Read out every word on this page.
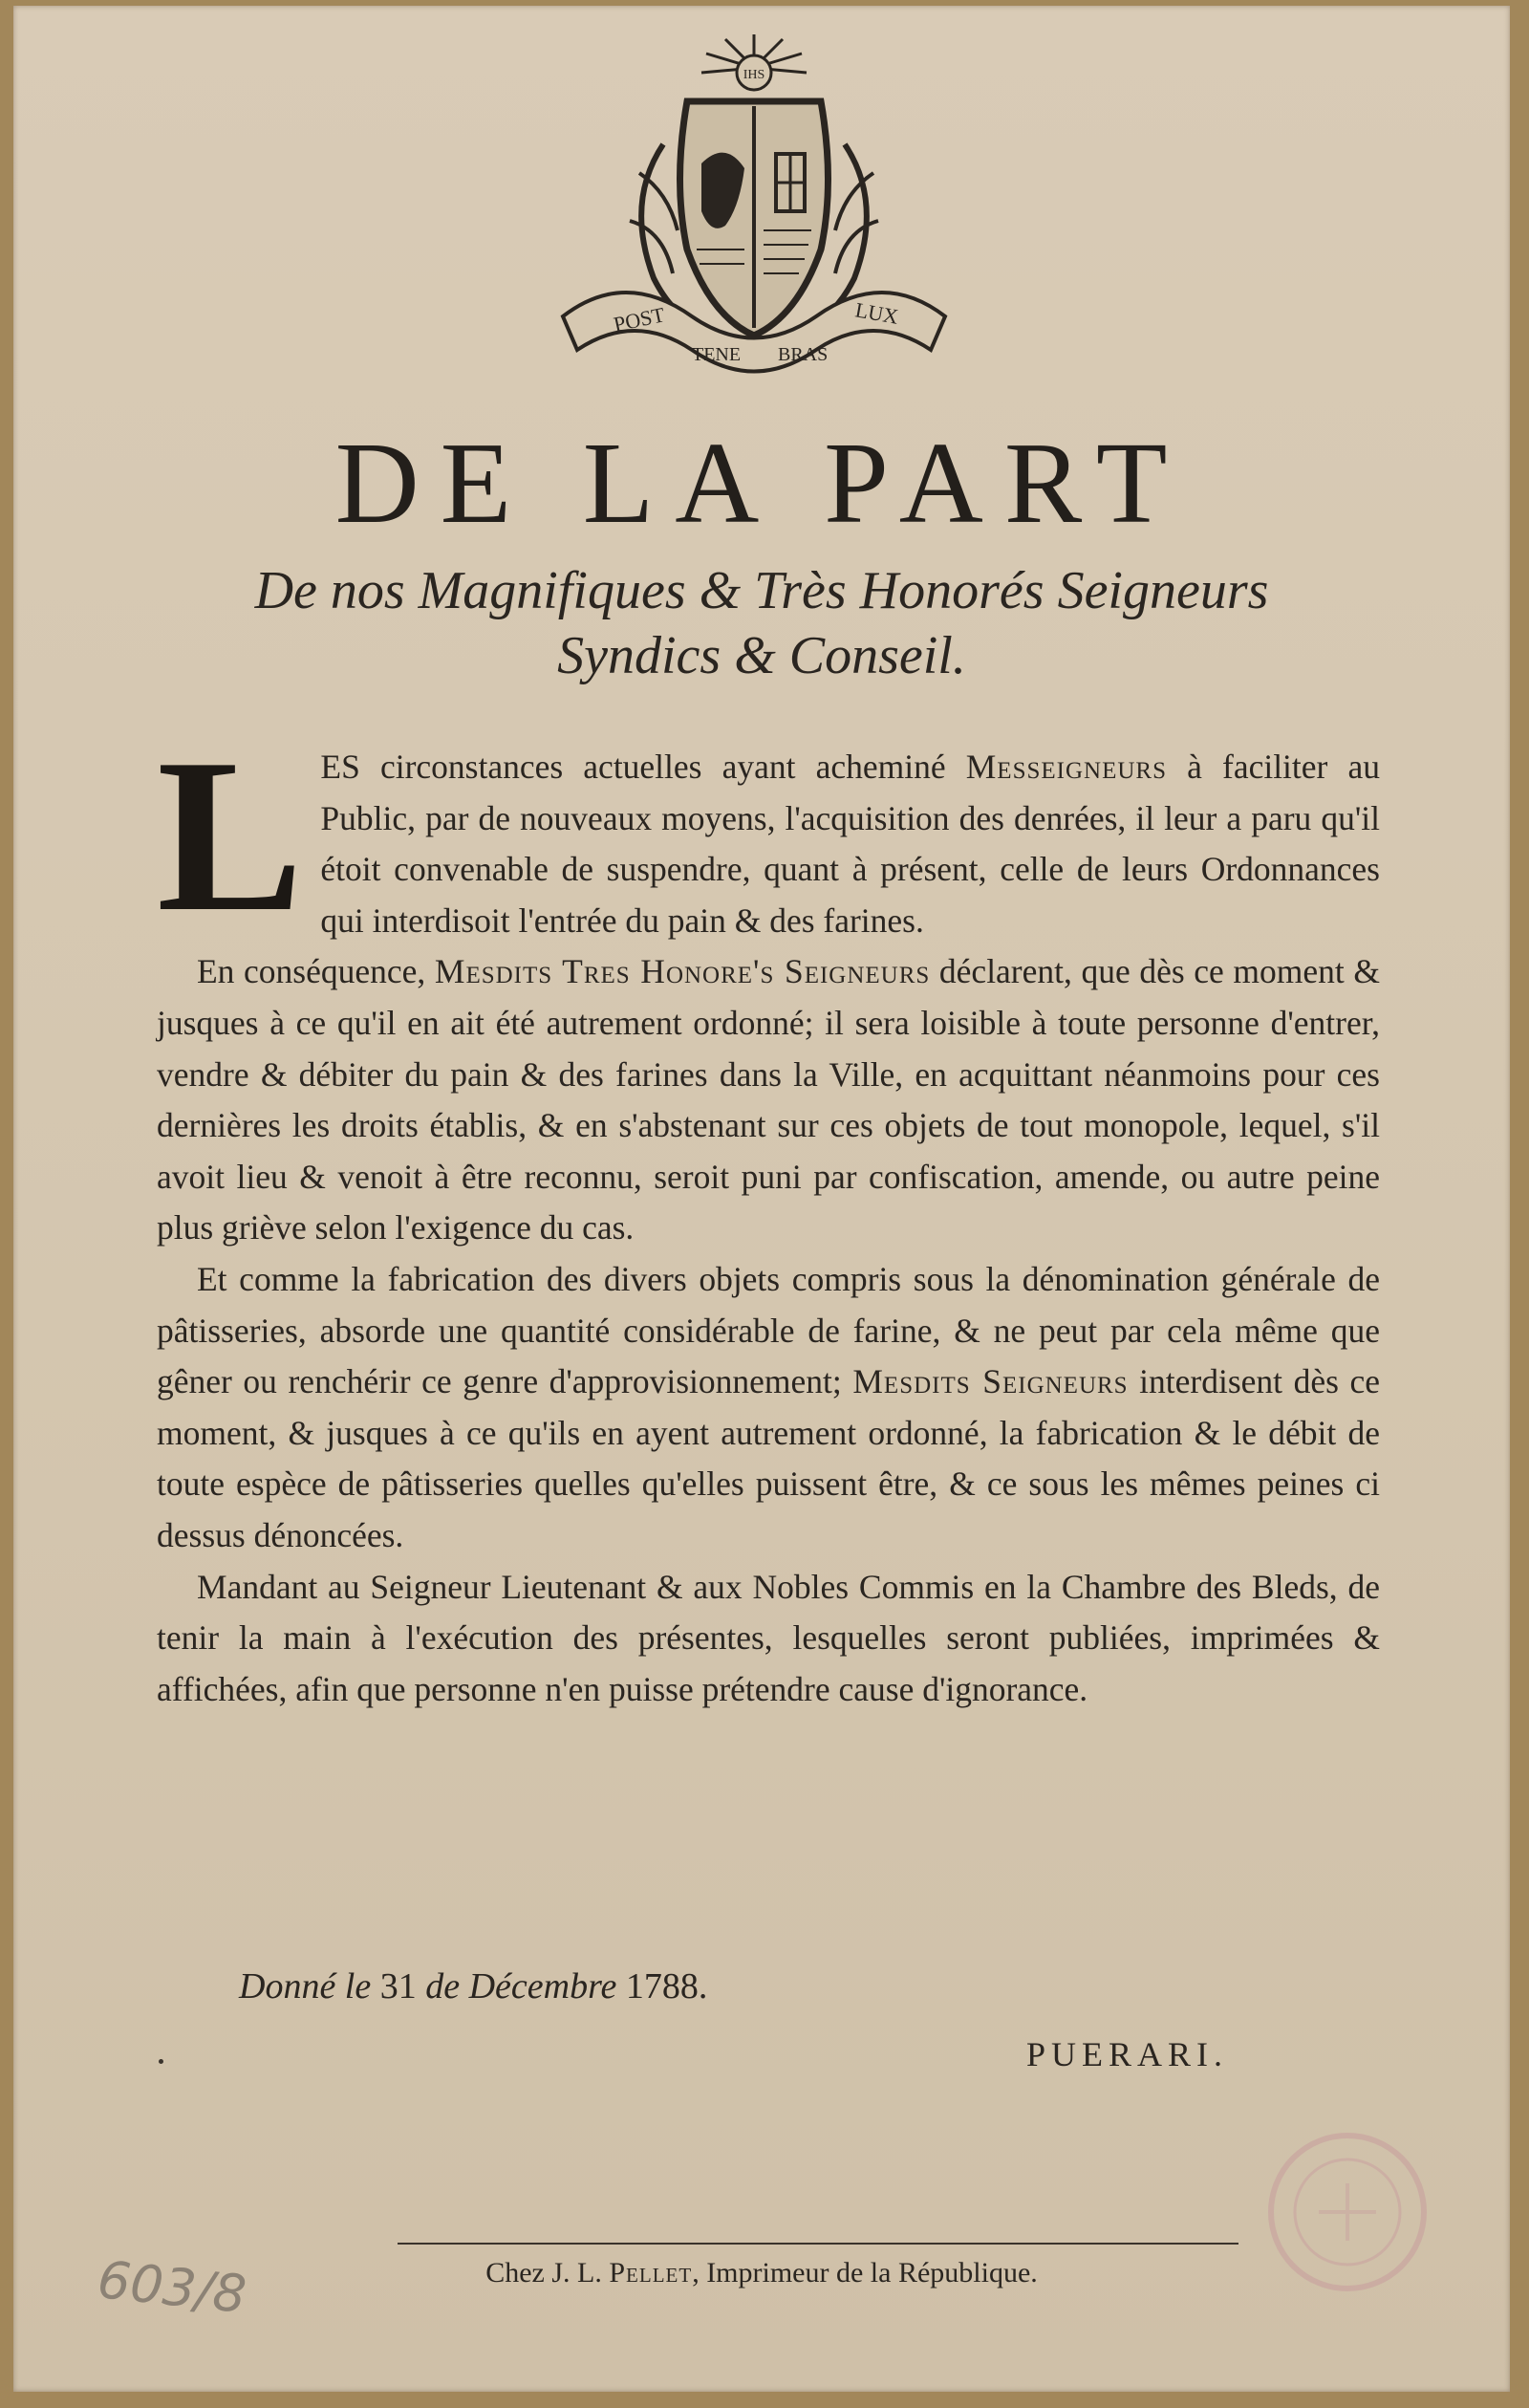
IHS
POST
TENE BRAS
LUX
DE LA PART
De nos Magnifiques & Très Honorés Seigneurs
Syndics & Conseil.

LES circonstances actuelles ayant acheminé Messeigneurs à faciliter au Public, par de nouveaux moyens, l'acquisition des denrées, il leur a paru qu'il étoit convenable de suspendre, quant à présent, celle de leurs Ordonnances qui interdisoit l'entrée du pain & des farines.

En conséquence, Mesdits Tres Honore's Seigneurs déclarent, que dès ce moment & jusques à ce qu'il en ait été autrement ordonné; il sera loisible à toute personne d'entrer, vendre & débiter du pain & des farines dans la Ville, en acquittant néanmoins pour ces dernières les droits établis, & en s'abstenant sur ces objets de tout monopole, lequel, s'il avoit lieu & venoit à être reconnu, seroit puni par confiscation, amende, ou autre peine plus griève selon l'exigence du cas.

Et comme la fabrication des divers objets compris sous la dénomination générale de pâtisseries, absorde une quantité considérable de farine, & ne peut par cela même que gêner ou renchérir ce genre d'approvisionnement; Mesdits Seigneurs interdisent dès ce moment, & jusques à ce qu'ils en ayent autrement ordonné, la fabrication & le débit de toute espèce de pâtisseries quelles qu'elles puissent être, & ce sous les mêmes peines ci dessus dénoncées.

Mandant au Seigneur Lieutenant & aux Nobles Commis en la Chambre des Bleds, de tenir la main à l'exécution des présentes, lesquelles seront publiées, imprimées & affichées, afin que personne n'en puisse prétendre cause d'ignorance.

Donné le 31 de Décembre 1788.
PUERARI.
Chez J. L. Pellet, Imprimeur de la République.
603/8
